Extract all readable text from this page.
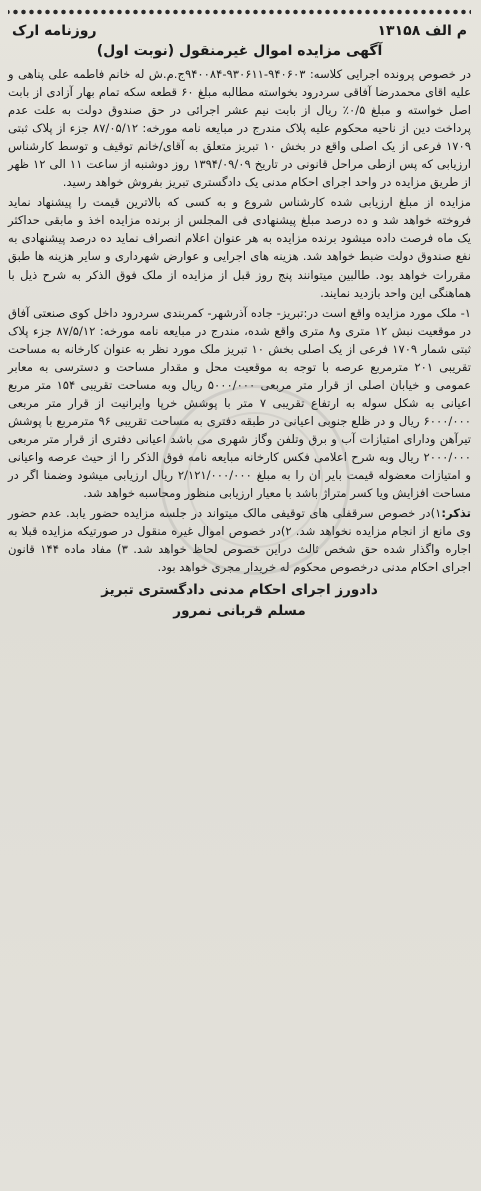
م الف ۱۳۱۵۸
روزنامه ارک
آگهی مزایده اموال غیرمنقول (نوبت اول)

در خصوص پرونده اجرایی کلاسه: ۹۴۰۶۰۳-۹۳۰۶۱۱-۹۴۰۰۸۴ج.م.ش له خانم فاطمه علی پناهی و علیه اقای محمدرضا آفاقی سردرود بخواسته مطالبه مبلغ ۶۰ قطعه سکه تمام بهار آزادی از بابت اصل خواسته و مبلغ ۰/۵٪ ریال از بابت نیم عشر اجرائی در حق صندوق دولت به علت عدم پرداخت دین از ناحیه محکوم علیه پلاک مندرج در مبایعه نامه مورخه: ۸۷/۰۵/۱۲ جزء از پلاک ثبتی ۱۷۰۹ فرعی از یک اصلی واقع در بخش ۱۰ تبریز متعلق به آقای/خانم توقیف و توسط کارشناس ارزیابی که پس ازطی مراحل قانونی در تاریخ ۱۳۹۴/۰۹/۰۹ روز دوشنبه از ساعت ۱۱ الی ۱۲ ظهر از طریق مزایده در واحد اجرای احکام مدنی یک دادگستری تبریز بفروش خواهد رسید.

مزایده از مبلغ ارزیابی شده کارشناس شروع و به کسی که بالاترین قیمت را پیشنهاد نماید فروخته خواهد شد و ده درصد مبلغ پیشنهادی فی المجلس از برنده مزایده اخذ و مابقی حداکثر یک ماه فرصت داده میشود برنده مزایده به هر عنوان اعلام انصراف نماید ده درصد پیشنهادی به نفع صندوق دولت ضبط خواهد شد. هزینه های اجرایی و عوارض شهرداری و سایر هزینه ها طبق مقررات خواهد بود. طالبین میتوانند پنج روز قبل از مزایده از ملک فوق الذکر به شرح ذیل با هماهنگی این واحد بازدید نمایند.

۱- ملک مورد مزایده واقع است در:تبریز- جاده آذرشهر- کمربندی سردرود داخل کوی صنعتی آفاق در موقعیت نبش ۱۲ متری و۸ متری واقع شده، مندرج در مبایعه نامه مورخه: ۸۷/۵/۱۲ جزء پلاک ثبتی شمار ۱۷۰۹ فرعی از یک اصلی بخش ۱۰ تبریز ملک مورد نظر به عنوان کارخانه به مساحت تقریبی ۲۰۱ مترمربع عرصه با توجه به موقعیت محل و مقدار مساحت و دسترسی به معابر عمومی و خیابان اصلی از قرار متر مربعی ۵۰۰۰/۰۰۰ ریال وبه مساحت تقریبی ۱۵۴ متر مربع اعیانی به شکل سوله به ارتفاع تقریبی ۷ متر با پوشش خرپا وایرانیت از قرار متر مربعی ۶۰۰۰/۰۰۰ ریال و در ظلع جنوبی اعیانی در طبقه دفتری به مساحت تقریبی ۹۶ مترمربع با پوشش تیرآهن ودارای امتیازات آب و برق وتلفن وگاز شهری می باشد اعیانی دفتری از قرار متر مربعی ۲۰۰۰/۰۰۰ ریال وبه شرح اعلامی فکس کارخانه مبایعه نامه فوق الذکر را از حیث عرصه واعیانی و امتیازات معضوله قیمت بایر ان را به مبلغ ۲/۱۲۱/۰۰۰/۰۰۰ ریال ارزیابی میشود وضمنا اگر در مساحت افزایش ویا کسر متراژ باشد با معیار ارزیابی منظور ومحاسبه خواهد شد.

تذکر:۱)در خصوص سرقفلی های توقیفی مالک میتواند در جلسه مزایده حضور یابد. عدم حضور وی مانع از انجام مزایده نخواهد شد. ۲)در خصوص اموال غیره منقول در صورتیکه مزایده قبلا به اجاره واگذار شده حق شخص ثالث دراین خصوص لحاظ خواهد شد. ۳) مفاد ماده ۱۴۴ قانون اجرای احکام مدنی درخصوص محکوم له خریدار مجری خواهد بود.

دادورز اجرای احکام مدنی دادگستری تبریز
مسلم قربانی نمرور
